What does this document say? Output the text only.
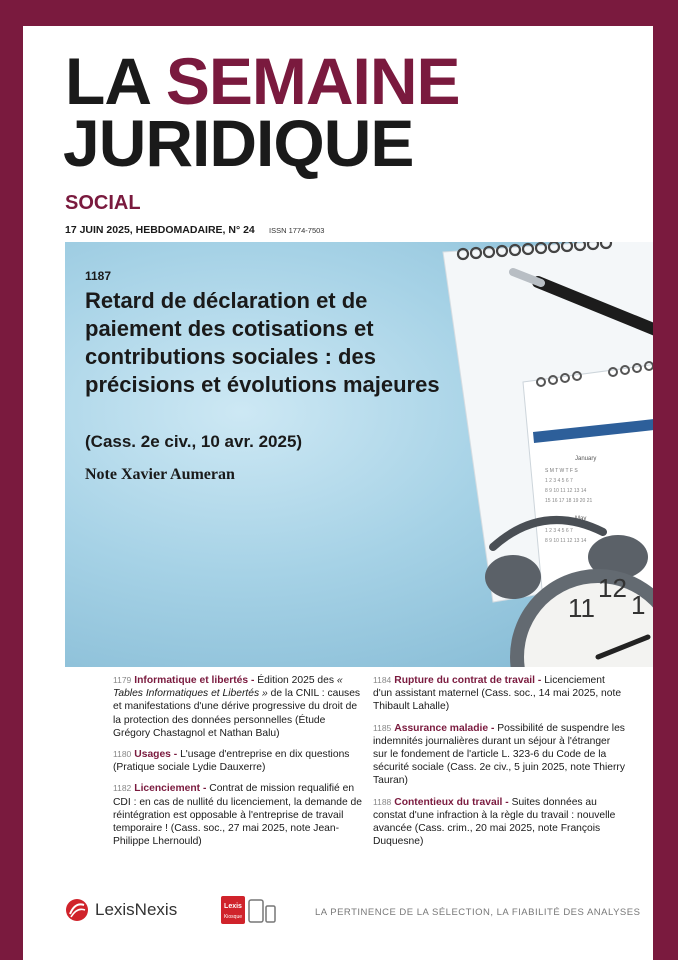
LA SEMAINE
JURIDIQUE
SOCIAL
17 JUIN 2025, HEBDOMADAIRE, N° 24 ISSN 1774-7503
January
May
S M T W T F S
1 2 3 4 5 6 7
8 9 10 11 12 13 14
15 16 17 18 19 20 21
1 2 3 4 5 6 7
8 9 10 11 12 13 14
11
12
1
1187
Retard de déclaration et de paiement des cotisations et contributions sociales : des précisions et évolutions majeures
(Cass. 2e civ., 10 avr. 2025)
Note Xavier Aumeran

1179 Informatique et libertés - Édition 2025 des « Tables Informatiques et Libertés » de la CNIL : causes et manifestations d'une dérive progressive du droit de la protection des données personnelles (Étude Grégory Chastagnol et Nathan Balu)

1180 Usages - L'usage d'entreprise en dix questions (Pratique sociale Lydie Dauxerre)

1182 Licenciement - Contrat de mission requalifié en CDI : en cas de nullité du licenciement, la demande de réintégration est opposable à l'entreprise de travail temporaire ! (Cass. soc., 27 mai 2025, note Jean-Philippe Lhernould)

1184 Rupture du contrat de travail - Licenciement d'un assistant maternel (Cass. soc., 14 mai 2025, note Thibault Lahalle)

1185 Assurance maladie - Possibilité de suspendre les indemnités journalières durant un séjour à l'étranger sur le fondement de l'article L. 323-6 du Code de la sécurité sociale (Cass. 2e civ., 5 juin 2025, note Thierry Tauran)

1188 Contentieux du travail - Suites données au constat d'une infraction à la règle du travail : nouvelle avancée (Cass. crim., 20 mai 2025, note François Duquesne)

LexisNexis	Lexis
Kiosque	LA PERTINENCE DE LA SÉLECTION, LA FIABILITÉ DES ANALYSES
